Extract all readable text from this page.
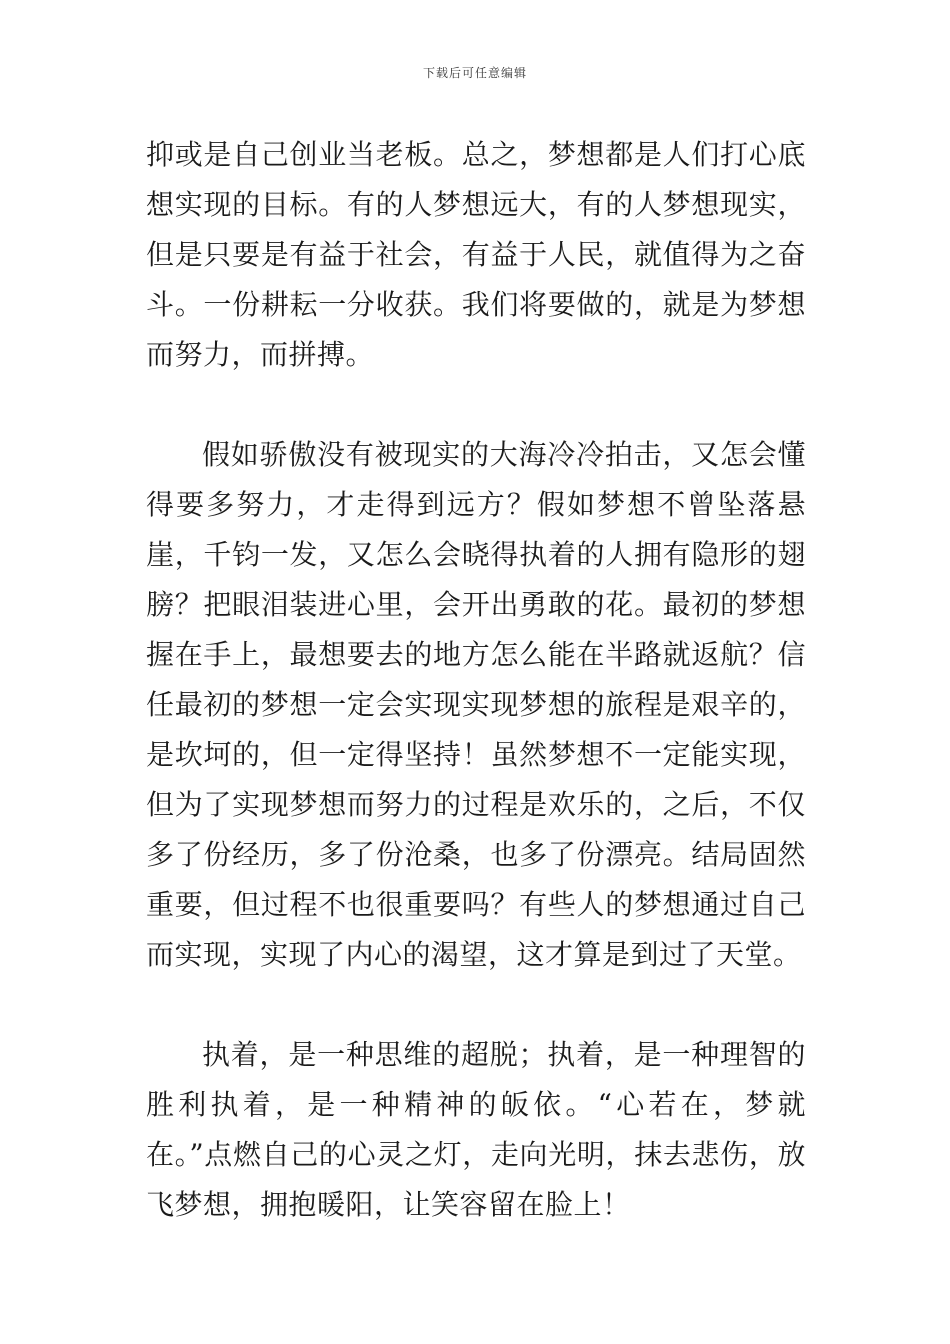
下载后可任意编辑

抑或是自己创业当老板。总之，梦想都是人们打心底想实现的目标。有的人梦想远大，有的人梦想现实，但是只要是有益于社会，有益于人民，就值得为之奋斗。一份耕耘一分收获。我们将要做的，就是为梦想而努力，而拼搏。

假如骄傲没有被现实的大海冷冷拍击，又怎会懂得要多努力，才走得到远方？假如梦想不曾坠落悬崖，千钧一发，又怎么会晓得执着的人拥有隐形的翅膀？把眼泪装进心里，会开出勇敢的花。最初的梦想握在手上，最想要去的地方怎么能在半路就返航？信任最初的梦想一定会实现实现梦想的旅程是艰辛的，是坎坷的，但一定得坚持！虽然梦想不一定能实现，但为了实现梦想而努力的过程是欢乐的，之后，不仅多了份经历，多了份沧桑，也多了份漂亮。结局固然重要，但过程不也很重要吗？有些人的梦想通过自己而实现，实现了内心的渴望，这才算是到过了天堂。

执着，是一种思维的超脱；执着，是一种理智的胜利执着，是一种精神的皈依。“心若在，梦就在。”点燃自己的心灵之灯，走向光明，抹去悲伤，放飞梦想，拥抱暖阳，让笑容留在脸上！
